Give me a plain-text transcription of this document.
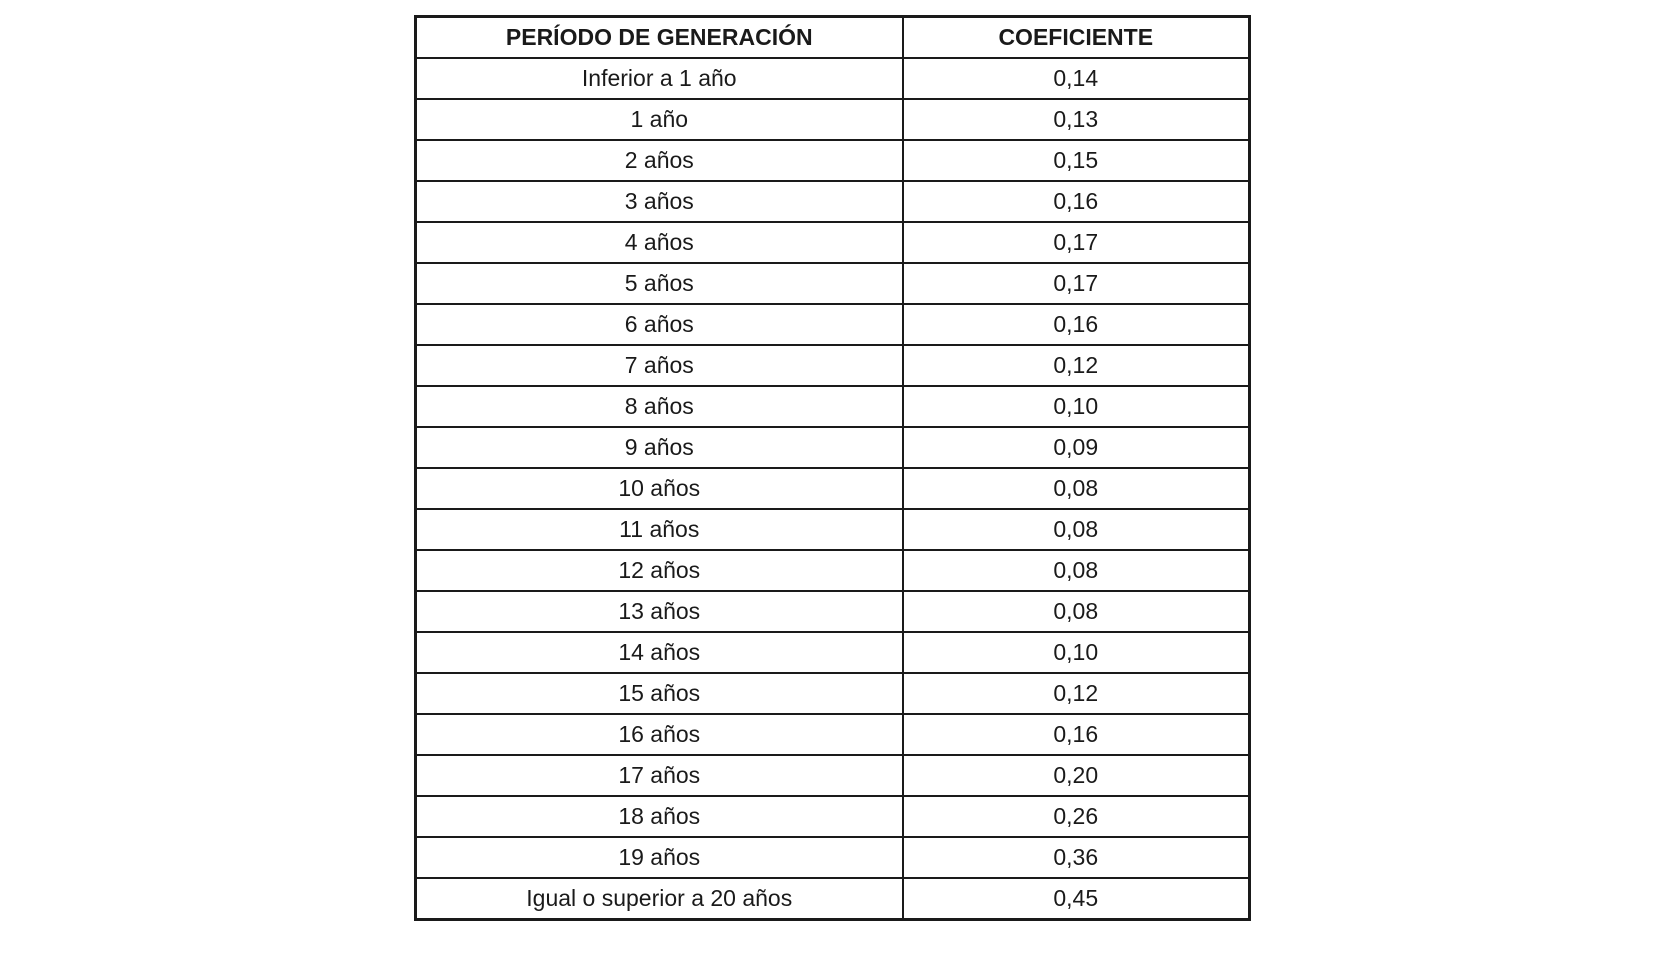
PERÍODO DE GENERACIÓN	COEFICIENTE
Inferior a 1 año	0,14
1 año	0,13
2 años	0,15
3 años	0,16
4 años	0,17
5 años	0,17
6 años	0,16
7 años	0,12
8 años	0,10
9 años	0,09
10 años	0,08
11 años	0,08
12 años	0,08
13 años	0,08
14 años	0,10
15 años	0,12
16 años	0,16
17 años	0,20
18 años	0,26
19 años	0,36
Igual o superior a 20 años	0,45
